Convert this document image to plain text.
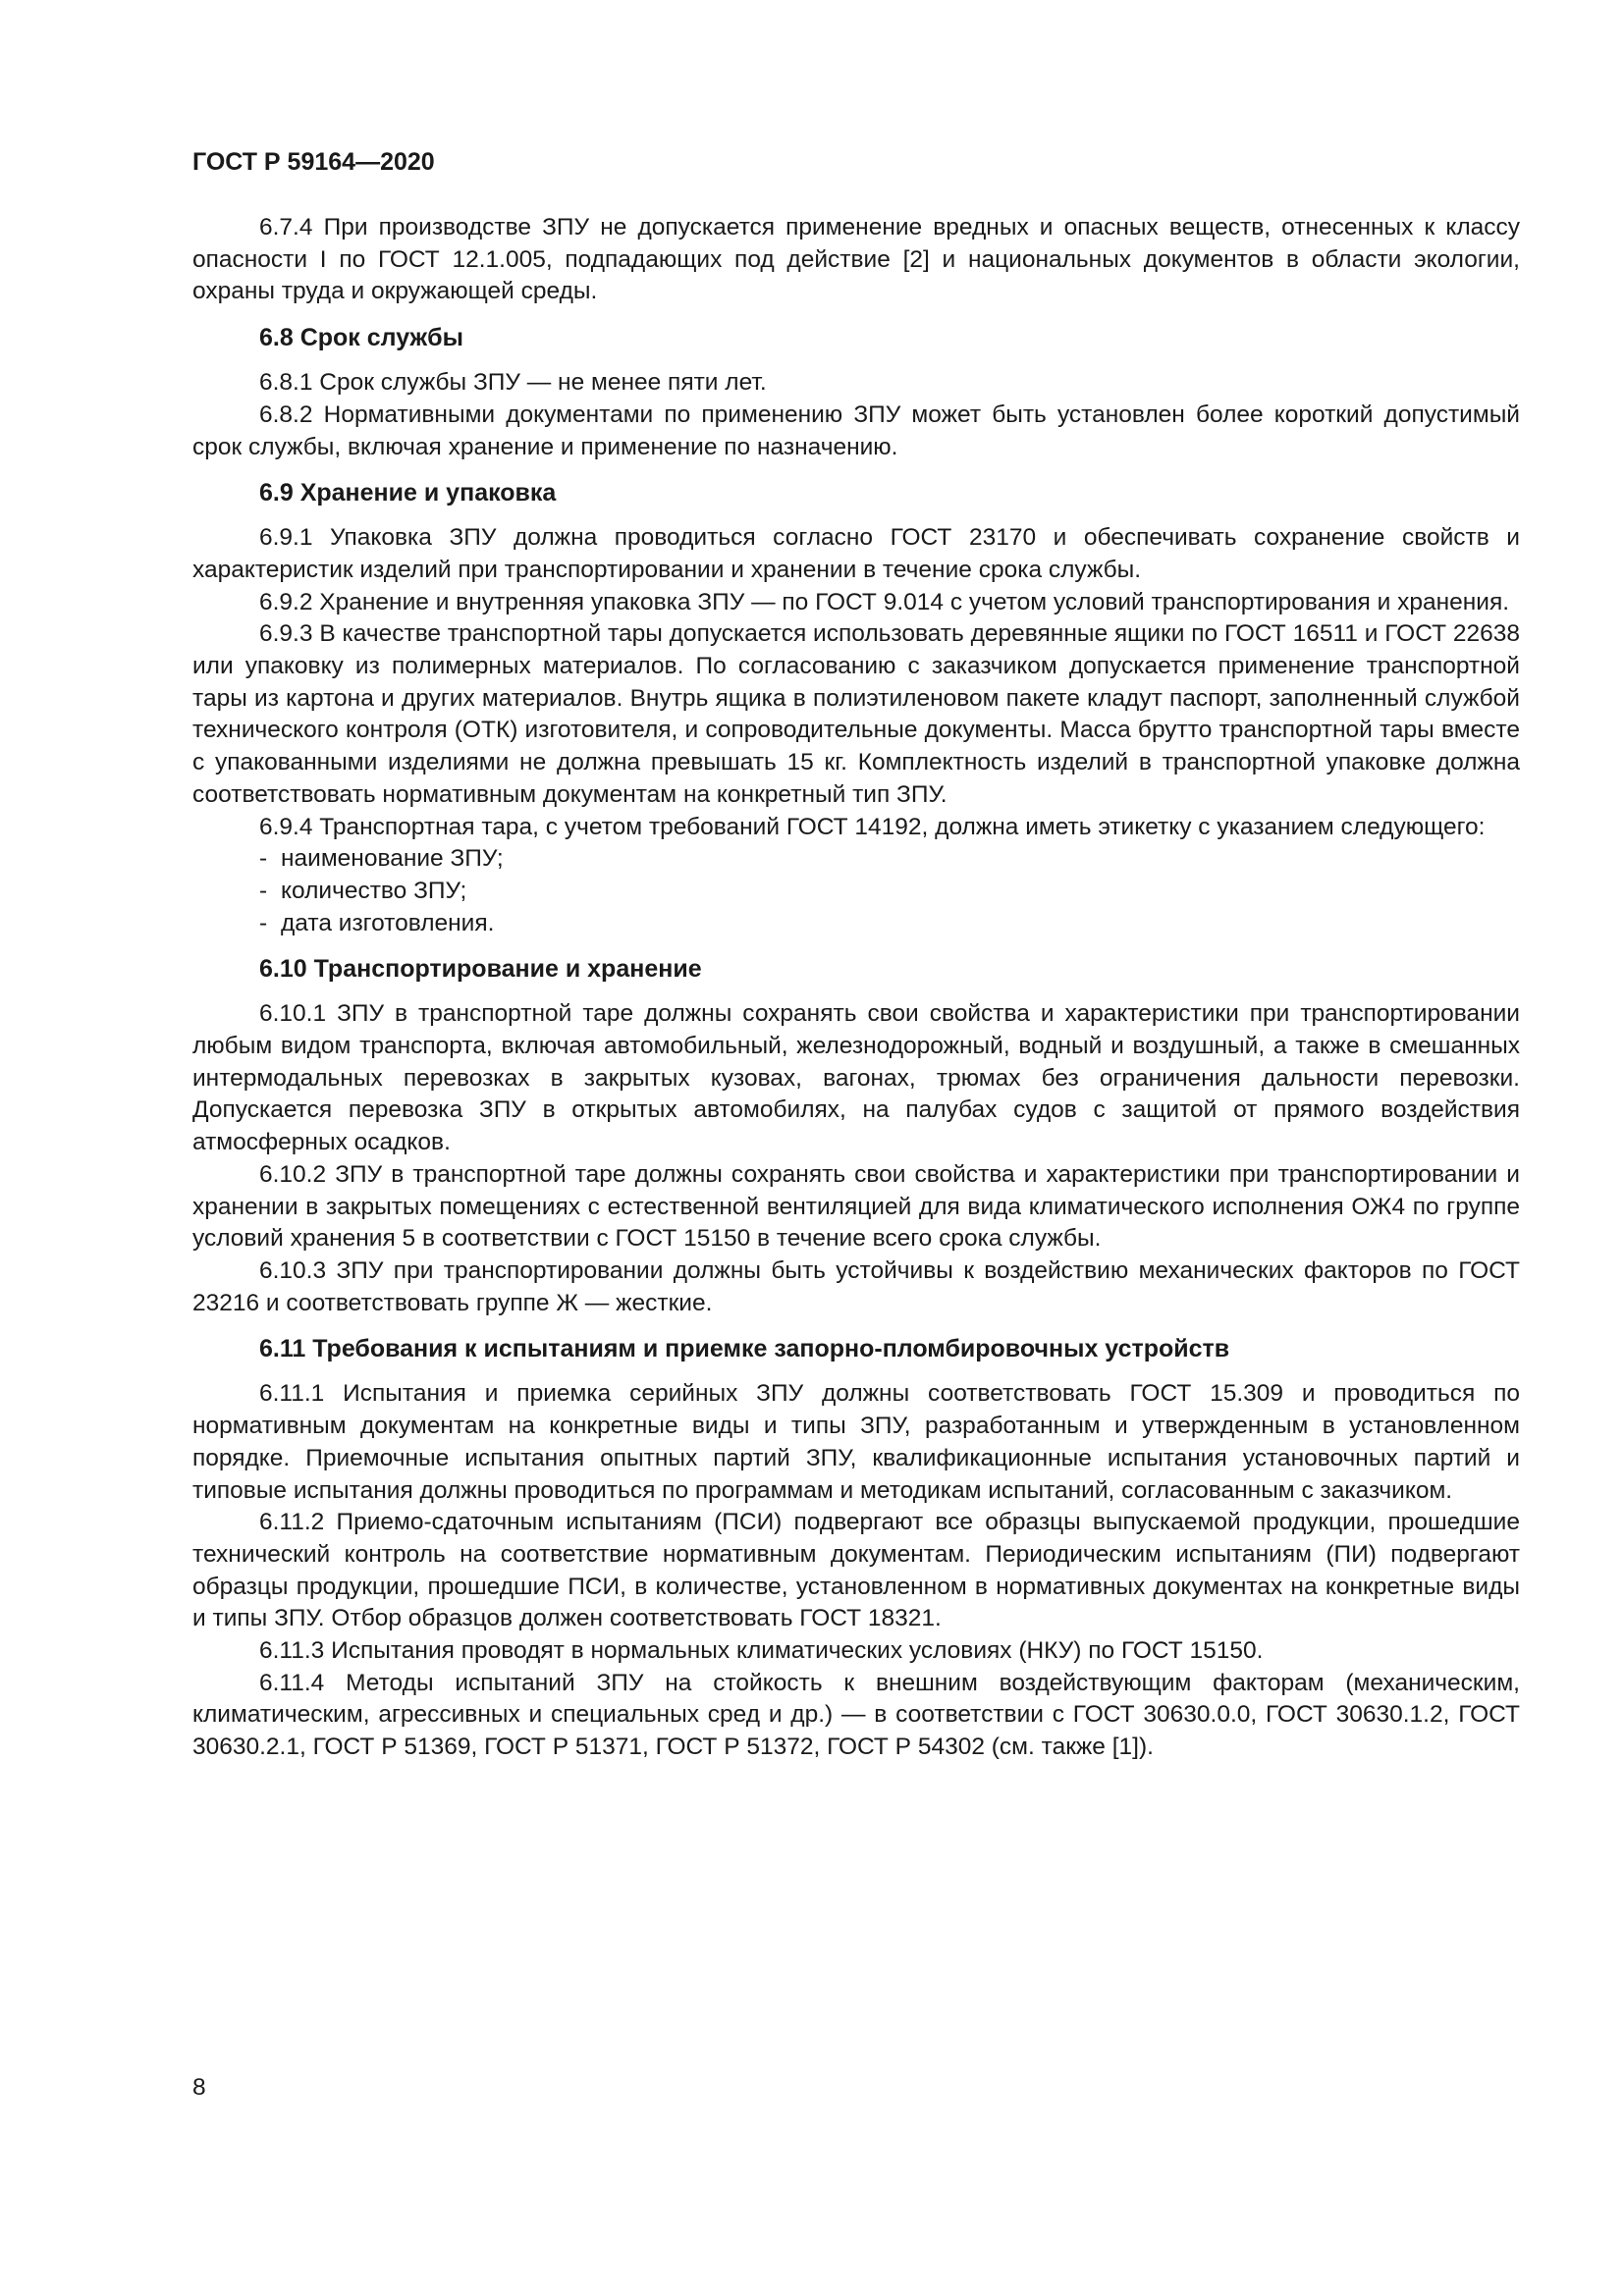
ГОСТ Р 59164—2020

6.7.4 При производстве ЗПУ не допускается применение вредных и опасных веществ, отнесенных к классу опасности I по ГОСТ 12.1.005, подпадающих под действие [2] и национальных документов в области экологии, охраны труда и окружающей среды.

6.8 Срок службы

6.8.1 Срок службы ЗПУ — не менее пяти лет.

6.8.2 Нормативными документами по применению ЗПУ может быть установлен более короткий допустимый срок службы, включая хранение и применение по назначению.

6.9 Хранение и упаковка

6.9.1 Упаковка ЗПУ должна проводиться согласно ГОСТ 23170 и обеспечивать сохранение свойств и характеристик изделий при транспортировании и хранении в течение срока службы.

6.9.2 Хранение и внутренняя упаковка ЗПУ — по ГОСТ 9.014 с учетом условий транспортирования и хранения.

6.9.3 В качестве транспортной тары допускается использовать деревянные ящики по ГОСТ 16511 и ГОСТ 22638 или упаковку из полимерных материалов. По согласованию с заказчиком допускается применение транспортной тары из картона и других материалов. Внутрь ящика в полиэтиленовом пакете кладут паспорт, заполненный службой технического контроля (ОТК) изготовителя, и сопроводительные документы. Масса брутто транспортной тары вместе с упакованными изделиями не должна превышать 15 кг. Комплектность изделий в транспортной упаковке должна соответствовать нормативным документам на конкретный тип ЗПУ.

6.9.4 Транспортная тара, с учетом требований ГОСТ 14192, должна иметь этикетку с указанием следующего:

- наименование ЗПУ;
- количество ЗПУ;
- дата изготовления.
6.10 Транспортирование и хранение

6.10.1 ЗПУ в транспортной таре должны сохранять свои свойства и характеристики при транспортировании любым видом транспорта, включая автомобильный, железнодорожный, водный и воздушный, а также в смешанных интермодальных перевозках в закрытых кузовах, вагонах, трюмах без ограничения дальности перевозки. Допускается перевозка ЗПУ в открытых автомобилях, на палубах судов с защитой от прямого воздействия атмосферных осадков.

6.10.2 ЗПУ в транспортной таре должны сохранять свои свойства и характеристики при транспортировании и хранении в закрытых помещениях с естественной вентиляцией для вида климатического исполнения ОЖ4 по группе условий хранения 5 в соответствии с ГОСТ 15150 в течение всего срока службы.

6.10.3 ЗПУ при транспортировании должны быть устойчивы к воздействию механических факторов по ГОСТ 23216 и соответствовать группе Ж — жесткие.

6.11 Требования к испытаниям и приемке запорно-пломбировочных устройств

6.11.1 Испытания и приемка серийных ЗПУ должны соответствовать ГОСТ 15.309 и проводиться по нормативным документам на конкретные виды и типы ЗПУ, разработанным и утвержденным в установленном порядке. Приемочные испытания опытных партий ЗПУ, квалификационные испытания установочных партий и типовые испытания должны проводиться по программам и методикам испытаний, согласованным с заказчиком.

6.11.2 Приемо-сдаточным испытаниям (ПСИ) подвергают все образцы выпускаемой продукции, прошедшие технический контроль на соответствие нормативным документам. Периодическим испытаниям (ПИ) подвергают образцы продукции, прошедшие ПСИ, в количестве, установленном в нормативных документах на конкретные виды и типы ЗПУ. Отбор образцов должен соответствовать ГОСТ 18321.

6.11.3 Испытания проводят в нормальных климатических условиях (НКУ) по ГОСТ 15150.

6.11.4 Методы испытаний ЗПУ на стойкость к внешним воздействующим факторам (механическим, климатическим, агрессивных и специальных сред и др.) — в соответствии с ГОСТ 30630.0.0, ГОСТ 30630.1.2, ГОСТ 30630.2.1, ГОСТ Р 51369, ГОСТ Р 51371, ГОСТ Р 51372, ГОСТ Р 54302 (см. также [1]).

8
